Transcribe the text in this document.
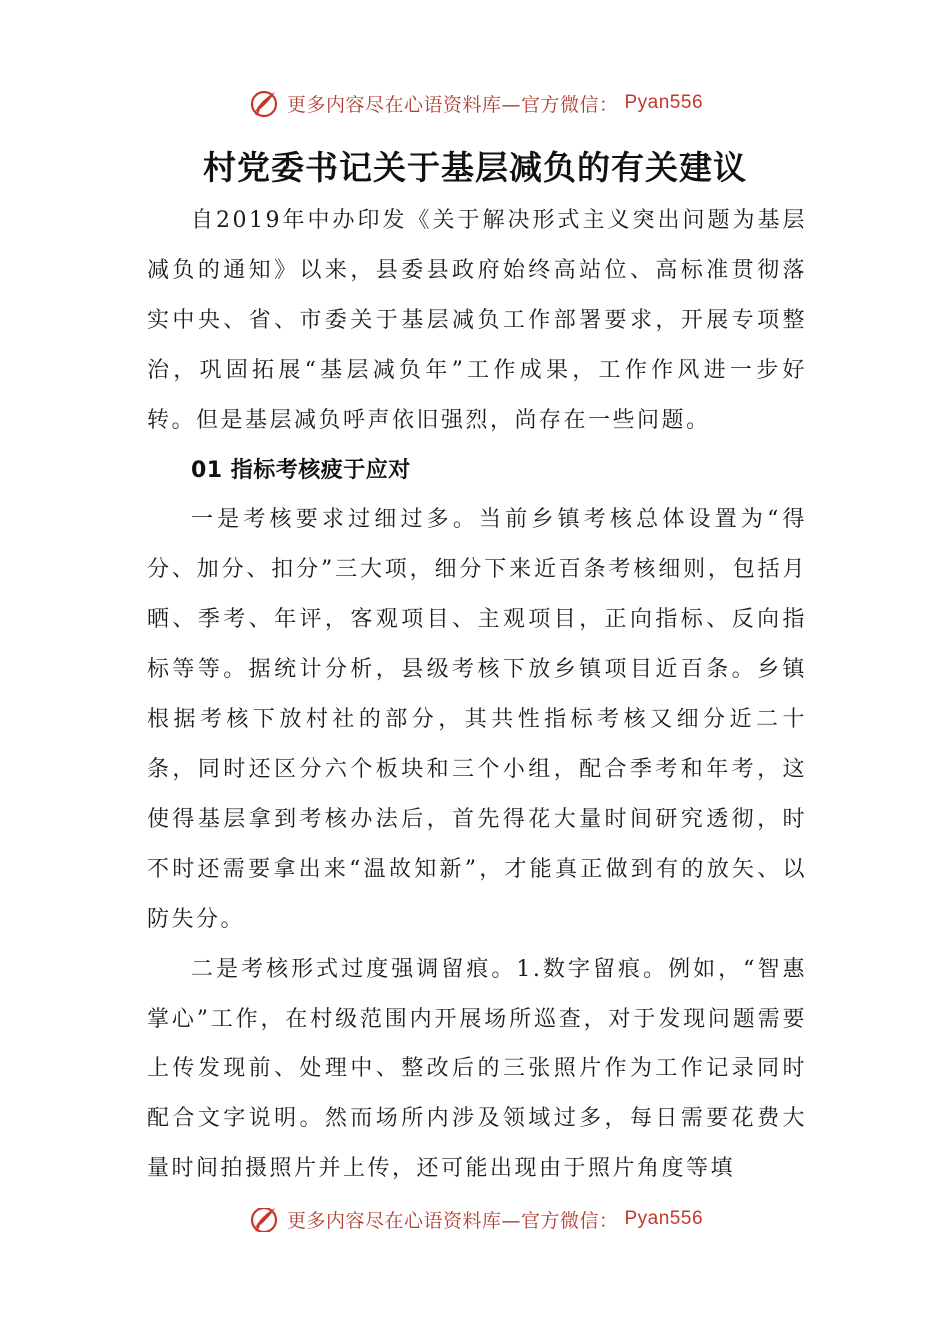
更多内容尽在心语资料库—官方微信： Pyan556
村党委书记关于基层减负的有关建议

自2019年中办印发《关于解决形式主义突出问题为基层减负的通知》以来，县委县政府始终高站位、高标准贯彻落实中央、省、市委关于基层减负工作部署要求，开展专项整治，巩固拓展“基层减负年”工作成果，工作作风进一步好转。但是基层减负呼声依旧强烈，尚存在一些问题。

01 指标考核疲于应对

一是考核要求过细过多。当前乡镇考核总体设置为“得分、加分、扣分”三大项，细分下来近百条考核细则，包括月晒、季考、年评，客观项目、主观项目，正向指标、反向指标等等。据统计分析，县级考核下放乡镇项目近百条。乡镇根据考核下放村社的部分，其共性指标考核又细分近二十条，同时还区分六个板块和三个小组，配合季考和年考，这使得基层拿到考核办法后，首先得花大量时间研究透彻，时不时还需要拿出来“温故知新”，才能真正做到有的放矢、以防失分。

二是考核形式过度强调留痕。1.数字留痕。例如，“智惠掌心”工作，在村级范围内开展场所巡查，对于发现问题需要上传发现前、处理中、整改后的三张照片作为工作记录同时配合文字说明。然而场所内涉及领域过多，每日需要花费大量时间拍摄照片并上传，还可能出现由于照片角度等填

更多内容尽在心语资料库—官方微信： Pyan556
